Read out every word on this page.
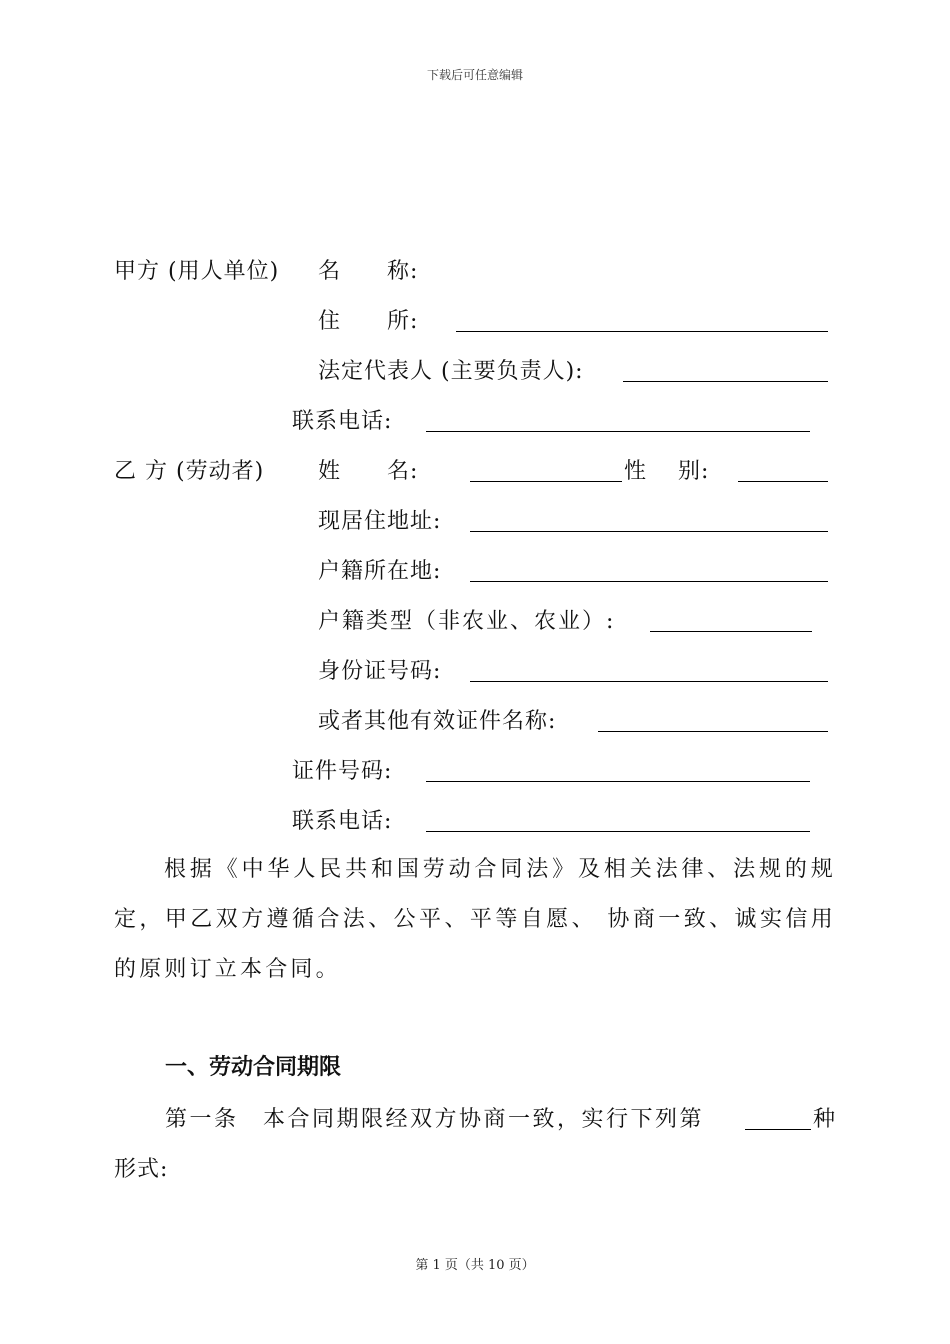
下载后可任意编辑
甲方 (用人单位) 名　　称:
住　　所:
法定代表人 (主要负责人):
联系电话:
乙 方 (劳动者) 姓　　名:	性　 别:
现居住地址:
户籍所在地:
户籍类型（非农业、农业）:
身份证号码:
或者其他有效证件名称:
证件号码:
联系电话:
根据《中华人民共和国劳动合同法》及相关法律、法规的规定，甲乙双方遵循合法、公平、平等自愿、 协商一致、诚实信用的原则订立本合同。
一、劳动合同期限
第一条　本合同期限经双方协商一致，实行下列第	种
形式:
第 1 页（共 10 页）
